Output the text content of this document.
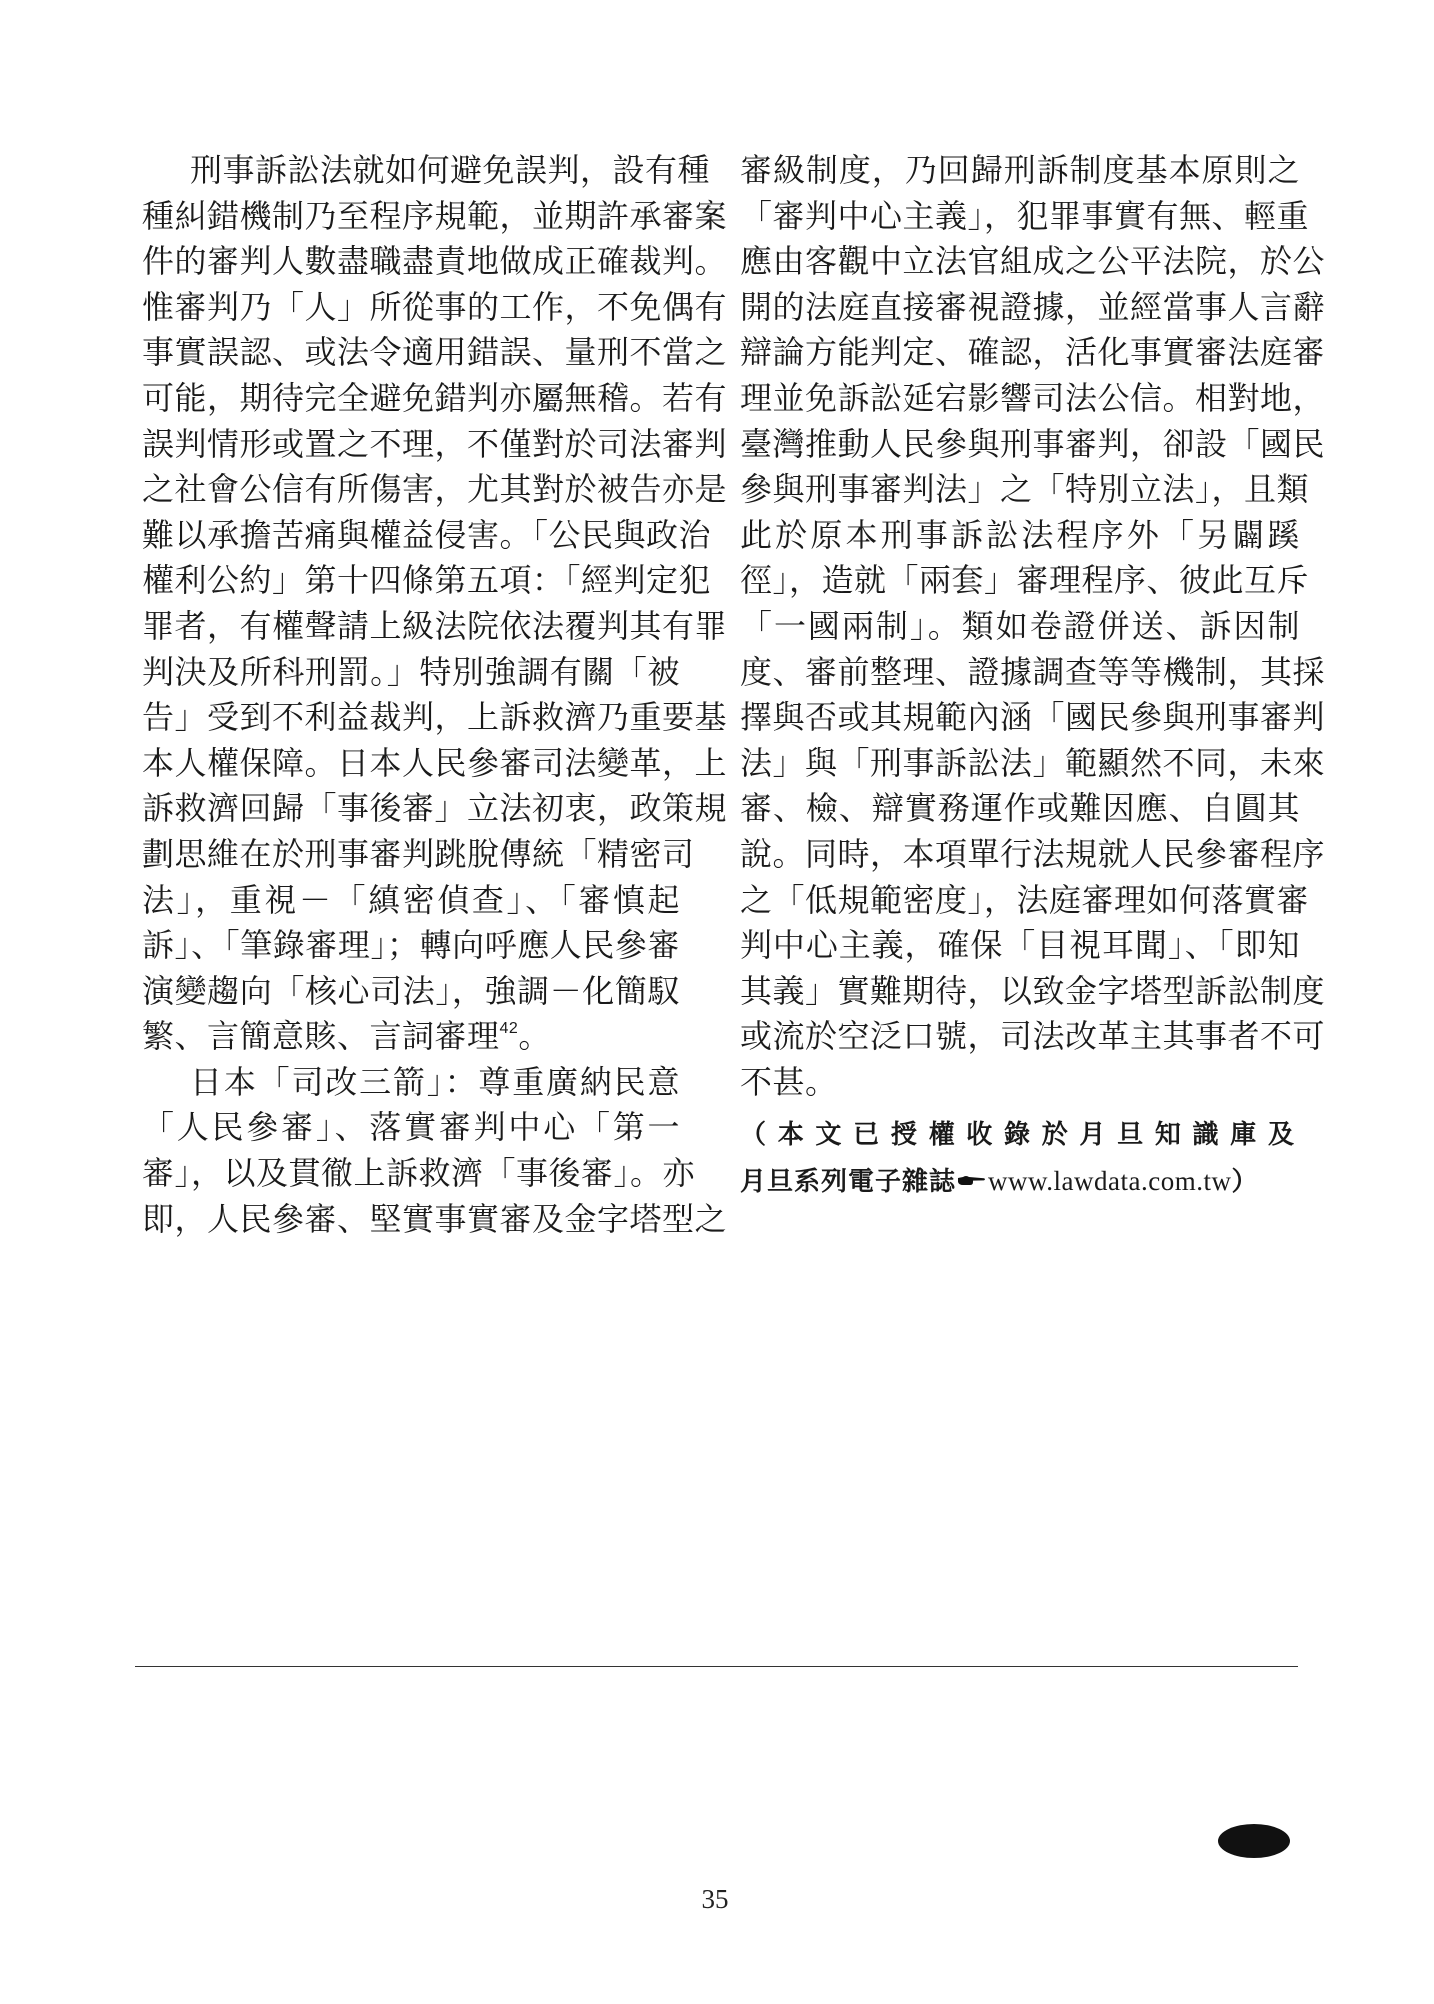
刑事訴訟法就如何避免誤判，設有種
種糾錯機制乃至程序規範，並期許承審案
件的審判人數盡職盡責地做成正確裁判。
惟審判乃「人」所從事的工作，不免偶有
事實誤認、或法令適用錯誤、量刑不當之
可能，期待完全避免錯判亦屬無稽。若有
誤判情形或置之不理，不僅對於司法審判
之社會公信有所傷害，尤其對於被告亦是
難以承擔苦痛與權益侵害。「公民與政治
權利公約」第十四條第五項：「經判定犯
罪者，有權聲請上級法院依法覆判其有罪
判決及所科刑罰。」特別強調有關「被
告」受到不利益裁判，上訴救濟乃重要基
本人權保障。日本人民參審司法變革，上
訴救濟回歸「事後審」立法初衷，政策規
劃思維在於刑事審判跳脫傳統「精密司
法」，重視－「縝密偵查」、「審慎起
訴」、「筆錄審理」；轉向呼應人民參審
演變趨向「核心司法」，強調－化簡馭
繁、言簡意賅、言詞審理$^{42}$。
日本「司改三箭」：尊重廣納民意
「人民參審」、落實審判中心「第一
審」，以及貫徹上訴救濟「事後審」。亦
即，人民參審、堅實事實審及金字塔型之
審級制度，乃回歸刑訴制度基本原則之
「審判中心主義」，犯罪事實有無、輕重
應由客觀中立法官組成之公平法院，於公
開的法庭直接審視證據，並經當事人言辭
辯論方能判定、確認，活化事實審法庭審
理並免訴訟延宕影響司法公信。相對地，
臺灣推動人民參與刑事審判，卻設「國民
參與刑事審判法」之「特別立法」，且類
此於原本刑事訴訟法程序外「另闢蹊
徑」，造就「兩套」審理程序、彼此互斥
「一國兩制」。類如卷證併送、訴因制
度、審前整理、證據調查等等機制，其採
擇與否或其規範內涵「國民參與刑事審判
法」與「刑事訴訟法」範顯然不同，未來
審、檢、辯實務運作或難因應、自圓其
說。同時，本項單行法規就人民參審程序
之「低規範密度」，法庭審理如何落實審
判中心主義，確保「目視耳聞」、「即知
其義」實難期待，以致金字塔型訴訟制度
或流於空泛口號，司法改革主其事者不可
不甚。
（本文已授權收錄於月旦知識庫及
月旦系列電子雜誌 www.lawdata.com.tw）
35
